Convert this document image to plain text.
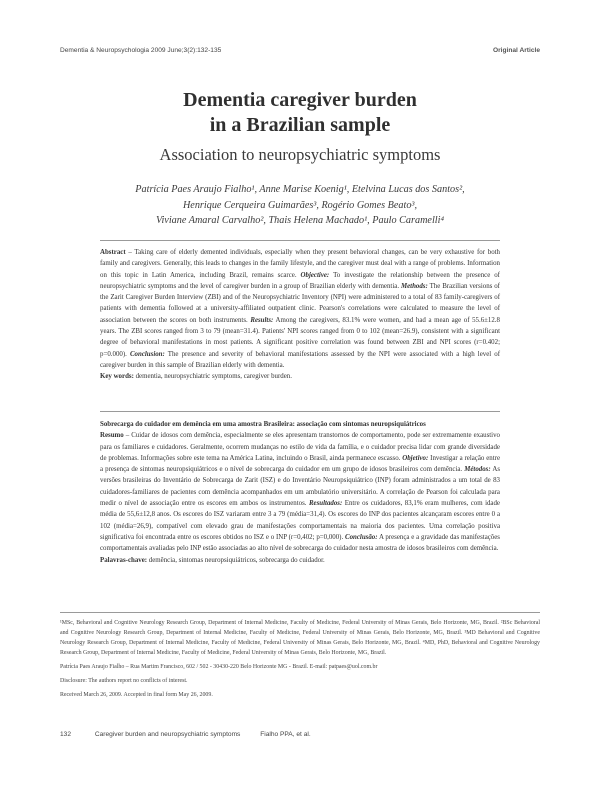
Dementia & Neuropsychologia 2009 June;3(2):132-135	Original Article
Dementia caregiver burden
in a Brazilian sample
Association to neuropsychiatric symptoms
Patrícia Paes Araujo Fialho¹, Anne Marise Koenig¹, Etelvina Lucas dos Santos²,
Henrique Cerqueira Guimarães³, Rogério Gomes Beato³,
Viviane Amaral Carvalho², Thais Helena Machado¹, Paulo Caramelli⁴
Abstract – Taking care of elderly demented individuals, especially when they present behavioral changes, can be very exhaustive for both family and caregivers. Generally, this leads to changes in the family lifestyle, and the caregiver must deal with a range of problems. Information on this topic in Latin America, including Brazil, remains scarce. Objective: To investigate the relationship between the presence of neuropsychiatric symptoms and the level of caregiver burden in a group of Brazilian elderly with dementia. Methods: The Brazilian versions of the Zarit Caregiver Burden Interview (ZBI) and of the Neuropsychiatric Inventory (NPI) were administered to a total of 83 family-caregivers of patients with dementia followed at a university-affiliated outpatient clinic. Pearson's correlations were calculated to measure the level of association between the scores on both instruments. Results: Among the caregivers, 83.1% were women, and had a mean age of 55.6±12.8 years. The ZBI scores ranged from 3 to 79 (mean=31.4). Patients' NPI scores ranged from 0 to 102 (mean=26.9), consistent with a significant degree of behavioral manifestations in most patients. A significant positive correlation was found between ZBI and NPI scores (r=0.402; p=0.000). Conclusion: The presence and severity of behavioral manifestations assessed by the NPI were associated with a high level of caregiver burden in this sample of Brazilian elderly with dementia.
Key words: dementia, neuropsychiatric symptoms, caregiver burden.
Sobrecarga do cuidador em demência em uma amostra Brasileira: associação com sintomas neuropsiquiátricos
Resumo – Cuidar de idosos com demência, especialmente se eles apresentam transtornos de comportamento, pode ser extremamente exaustivo para os familiares e cuidadores. Geralmente, ocorrem mudanças no estilo de vida da família, e o cuidador precisa lidar com grande diversidade de problemas. Informações sobre este tema na América Latina, incluindo o Brasil, ainda permanece escasso. Objetivo: Investigar a relação entre a presença de sintomas neuropsiquiátricos e o nível de sobrecarga do cuidador em um grupo de idosos brasileiros com demência. Métodos: As versões brasileiras do Inventário de Sobrecarga de Zarit (ISZ) e do Inventário Neuropsiquiátrico (INP) foram administrados a um total de 83 cuidadores-familiares de pacientes com demência acompanhados em um ambulatório universitário. A correlação de Pearson foi calculada para medir o nível de associação entre os escores em ambos os instrumentos. Resultados: Entre os cuidadores, 83,1% eram mulheres, com idade média de 55,6±12,8 anos. Os escores do ISZ variaram entre 3 a 79 (média=31,4). Os escores do INP dos pacientes alcançaram escores entre 0 a 102 (média=26,9), compatível com elevado grau de manifestações comportamentais na maioria dos pacientes. Uma correlação positiva significativa foi encontrada entre os escores obtidos no ISZ e o INP (r=0,402; p=0,000). Conclusão: A presença e a gravidade das manifestações comportamentais avaliadas pelo INP estão associadas ao alto nível de sobrecarga do cuidador nesta amostra de idosos brasileiros com demência.
Palavras-chave: demência, sintomas neuropsiquiátricos, sobrecarga do cuidador.
¹MSc, Behavioral and Cognitive Neurology Research Group, Department of Internal Medicine, Faculty of Medicine, Federal University of Minas Gerais, Belo Horizonte, MG, Brazil. ²BSc Behavioral and Cognitive Neurology Research Group, Department of Internal Medicine, Faculty of Medicine, Federal University of Minas Gerais, Belo Horizonte, MG, Brazil. ³MD Behavioral and Cognitive Neurology Research Group, Department of Internal Medicine, Faculty of Medicine, Federal University of Minas Gerais, Belo Horizonte, MG, Brazil. ⁴MD, PhD, Behavioral and Cognitive Neurology Research Group, Department of Internal Medicine, Faculty of Medicine, Federal University of Minas Gerais, Belo Horizonte, MG, Brazil.
Patrícia Paes Araujo Fialho – Rua Martim Francisco, 602 / 502 - 30430-220 Belo Horizonte MG - Brazil. E-mail: patpaes@uol.com.br
Disclosure: The authors report no conflicts of interest.
Received March 26, 2009. Accepted in final form May 26, 2009.
132	Caregiver burden and neuropsychiatric symptoms	Fialho PPA, et al.
